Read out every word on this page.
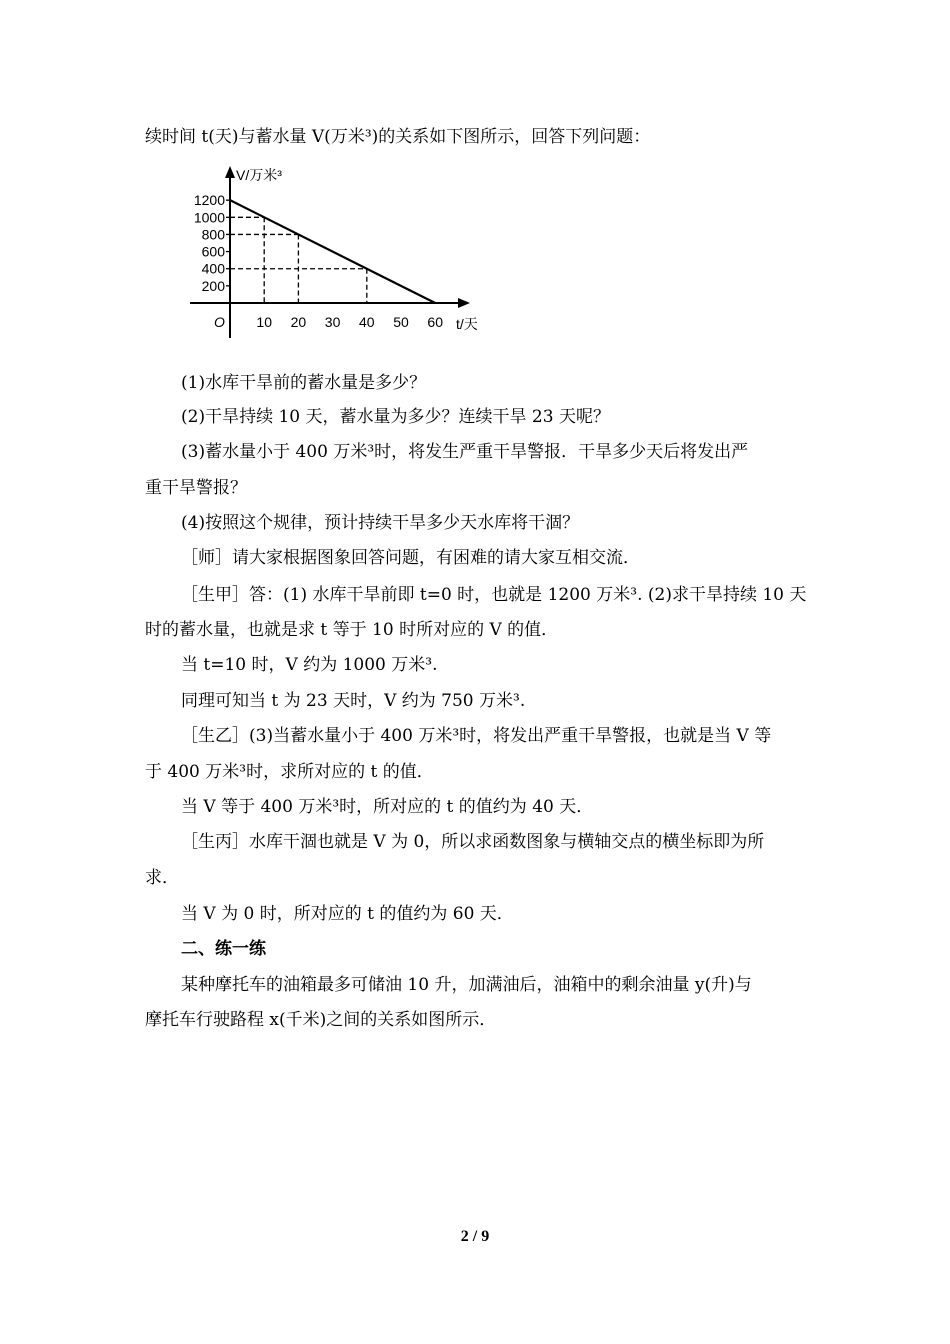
续时间 t(天)与蓄水量 V(万米³)的关系如下图所示，回答下列问题：
200
400
600
800
1000
1200
10 20 30 40 50 60
O
V/万米³
t/天
(1)水库干旱前的蓄水量是多少？
(2)干旱持续 10 天，蓄水量为多少？连续干旱 23 天呢？
(3)蓄水量小于 400 万米³时，将发生严重干旱警报．干旱多少天后将发出严
重干旱警报？
(4)按照这个规律，预计持续干旱多少天水库将干涸？
［师］请大家根据图象回答问题，有困难的请大家互相交流．
［生甲］答：(1) 水库干旱前即 t=0 时，也就是 1200 万米³. (2)求干旱持续 10 天
时的蓄水量，也就是求 t 等于 10 时所对应的 V 的值．
当 t=10 时，V 约为 1000 万米³.
同理可知当 t 为 23 天时，V 约为 750 万米³.
［生乙］(3)当蓄水量小于 400 万米³时，将发出严重干旱警报，也就是当 V 等
于 400 万米³时，求所对应的 t 的值．
当 V 等于 400 万米³时，所对应的 t 的值约为 40 天．
［生丙］水库干涸也就是 V 为 0，所以求函数图象与横轴交点的横坐标即为所
求．
当 V 为 0 时，所对应的 t 的值约为 60 天．
二、练一练
某种摩托车的油箱最多可储油 10 升，加满油后，油箱中的剩余油量 y(升)与
摩托车行驶路程 x(千米)之间的关系如图所示．
2 / 9
